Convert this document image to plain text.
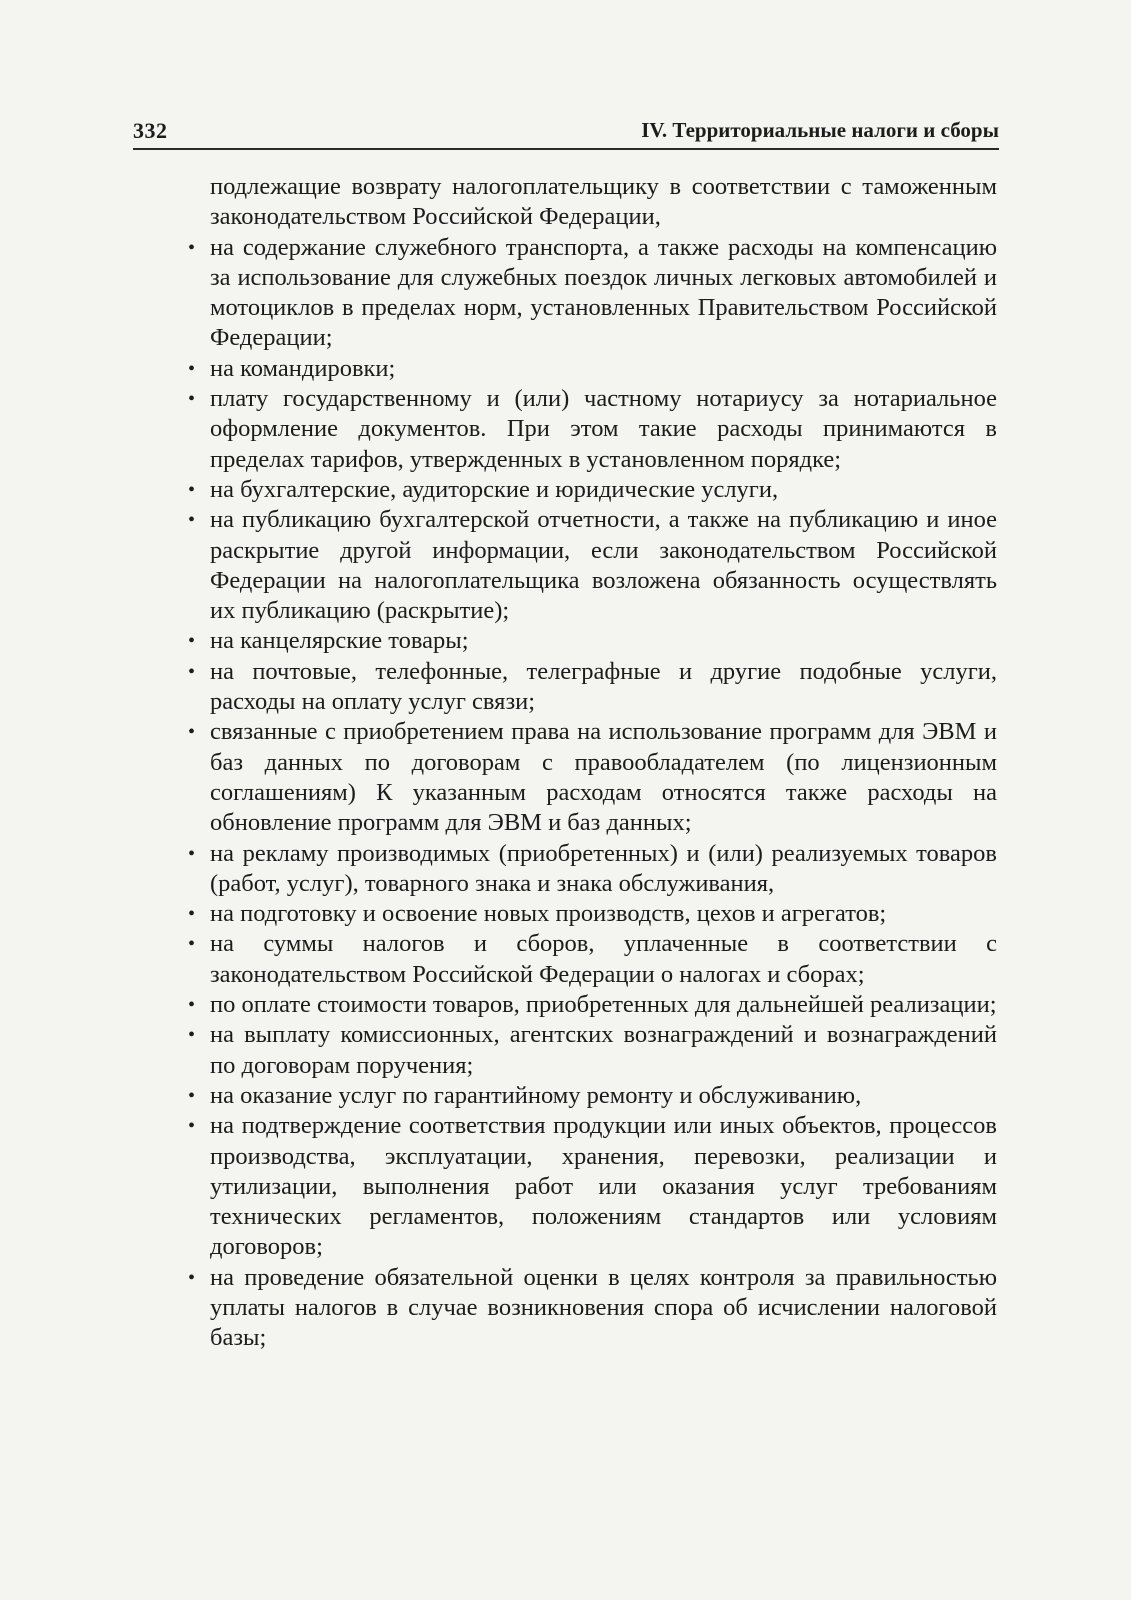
332	IV. Территориальные налоги и сборы

подлежащие возврату налогоплательщику в соответствии с таможенным законодательством Российской Федерации,

• на содержание служебного транспорта, а также расходы на компенсацию за использование для служебных поездок личных легковых автомобилей и мотоциклов в пределах норм, установленных Правительством Российской Федерации;
• на командировки;
• плату государственному и (или) частному нотариусу за нотариальное оформление документов. При этом такие расходы принимаются в пределах тарифов, утвержденных в установленном порядке;
• на бухгалтерские, аудиторские и юридические услуги,
• на публикацию бухгалтерской отчетности, а также на публикацию и иное раскрытие другой информации, если законодательством Российской Федерации на налогоплательщика возложена обязанность осуществлять их публикацию (раскрытие);
• на канцелярские товары;
• на почтовые, телефонные, телеграфные и другие подобные услуги, расходы на оплату услуг связи;
• связанные с приобретением права на использование программ для ЭВМ и баз данных по договорам с правообладателем (по лицензионным соглашениям) К указанным расходам относятся также расходы на обновление программ для ЭВМ и баз данных;
• на рекламу производимых (приобретенных) и (или) реализуемых товаров (работ, услуг), товарного знака и знака обслуживания,
• на подготовку и освоение новых производств, цехов и агрегатов;
• на суммы налогов и сборов, уплаченные в соответствии с законодательством Российской Федерации о налогах и сборах;
• по оплате стоимости товаров, приобретенных для дальнейшей реализации;
• на выплату комиссионных, агентских вознаграждений и вознаграждений по договорам поручения;
• на оказание услуг по гарантийному ремонту и обслуживанию,
• на подтверждение соответствия продукции или иных объектов, процессов производства, эксплуатации, хранения, перевозки, реализации и утилизации, выполнения работ или оказания услуг требованиям технических регламентов, положениям стандартов или условиям договоров;
• на проведение обязательной оценки в целях контроля за правильностью уплаты налогов в случае возникновения спора об исчислении налоговой базы;
